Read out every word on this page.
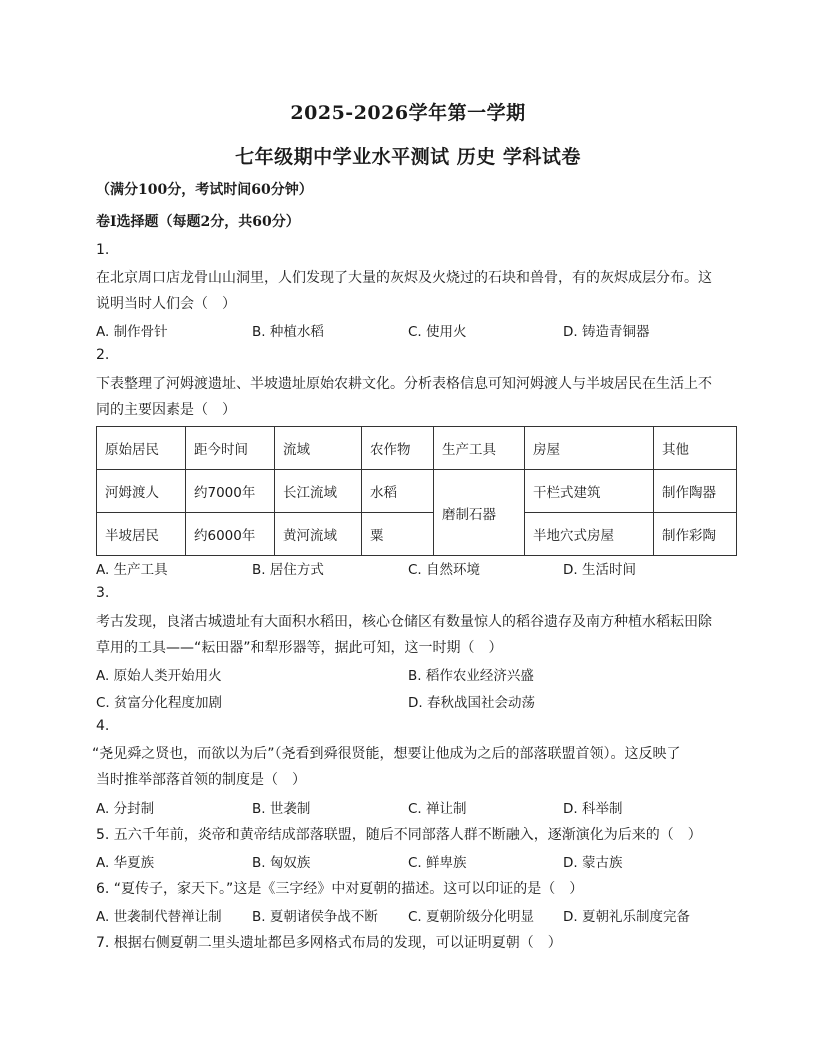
2025-2026学年第一学期
七年级期中学业水平测试 历史 学科试卷
（满分100分，考试时间60分钟）
卷Ⅰ选择题（每题2分，共60分）
1.
在北京周口店龙骨山山洞里，人们发现了大量的灰烬及火烧过的石块和兽骨，有的灰烬成层分布。这
说明当时人们会（　）
A. 制作骨针	B. 种植水稻	C. 使用火	D. 铸造青铜器
2.
下表整理了河姆渡遗址、半坡遗址原始农耕文化。分析表格信息可知河姆渡人与半坡居民在生活上不
同的主要因素是（　）
原始居民	距今时间	流域	农作物	生产工具	房屋	其他
河姆渡人	约7000年	长江流域	水稻	磨制石器	干栏式建筑	制作陶器
半坡居民	约6000年	黄河流域	粟		半地穴式房屋	制作彩陶
A. 生产工具	B. 居住方式	C. 自然环境	D. 生活时间
3.
考古发现，良渚古城遗址有大面积水稻田，核心仓储区有数量惊人的稻谷遗存及南方种植水稻耘田除
草用的工具——“耘田器”和犁形器等，据此可知，这一时期（　）
A. 原始人类开始用火	B. 稻作农业经济兴盛
C. 贫富分化程度加剧	D. 春秋战国社会动荡
4.
“尧见舜之贤也，而欲以为后”（尧看到舜很贤能，想要让他成为之后的部落联盟首领）。这反映了
当时推举部落首领的制度是（　）
A. 分封制	B. 世袭制	C. 禅让制	D. 科举制
5. 五六千年前，炎帝和黄帝结成部落联盟，随后不同部落人群不断融入，逐渐演化为后来的（　）
A. 华夏族	B. 匈奴族	C. 鲜卑族	D. 蒙古族
6. “夏传子，家天下。”这是《三字经》中对夏朝的描述。这可以印证的是（　）
A. 世袭制代替禅让制 B. 夏朝诸侯争战不断 C. 夏朝阶级分化明显 D. 夏朝礼乐制度完备
7. 根据右侧夏朝二里头遗址都邑多网格式布局的发现，可以证明夏朝（　）
